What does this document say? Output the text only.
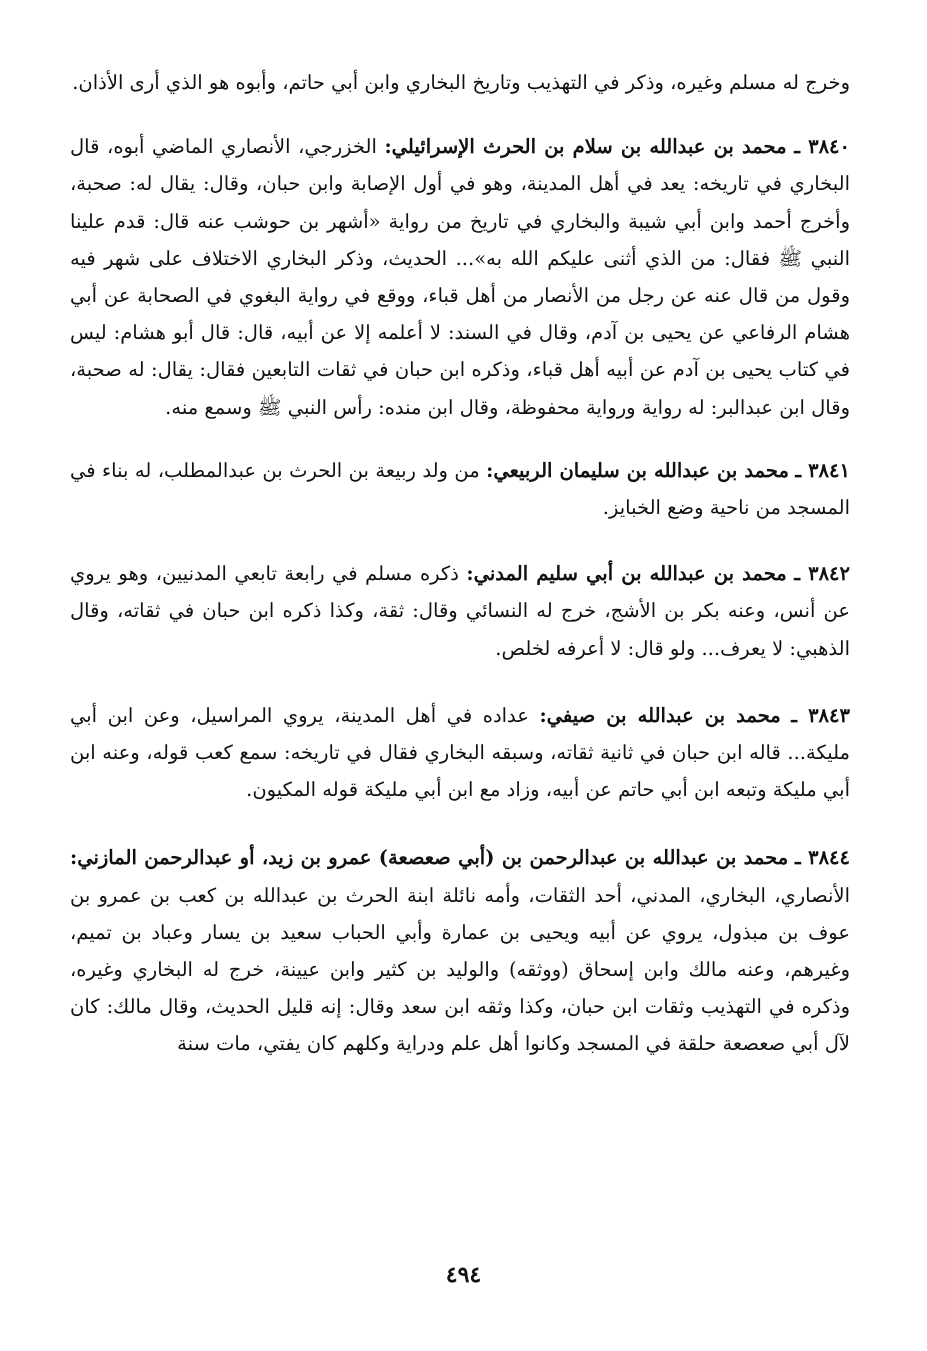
وخرج له مسلم وغيره، وذكر في التهذيب وتاريخ البخاري وابن أبي حاتم، وأبوه هو الذي أرى الأذان.

٣٨٤٠ ـ محمد بن عبدالله بن سلام بن الحرث الإسرائيلي: الخزرجي، الأنصاري الماضي أبوه، قال البخاري في تاريخه: يعد في أهل المدينة، وهو في أول الإصابة وابن حبان، وقال: يقال له: صحبة، وأخرج أحمد وابن أبي شيبة والبخاري في تاريخ من رواية «أشهر بن حوشب عنه قال: قدم علينا النبي ﷺ فقال: من الذي أثنى عليكم الله به»... الحديث، وذكر البخاري الاختلاف على شهر فيه وقول من قال عنه عن رجل من الأنصار من أهل قباء، ووقع في رواية البغوي في الصحابة عن أبي هشام الرفاعي عن يحيى بن آدم، وقال في السند: لا أعلمه إلا عن أبيه، قال: قال أبو هشام: ليس في كتاب يحيى بن آدم عن أبيه أهل قباء، وذكره ابن حبان في ثقات التابعين فقال: يقال: له صحبة، وقال ابن عبدالبر: له رواية ورواية محفوظة، وقال ابن منده: رأس النبي ﷺ وسمع منه.

٣٨٤١ ـ محمد بن عبدالله بن سليمان الربيعي: من ولد ربيعة بن الحرث بن عبدالمطلب، له بناء في المسجد من ناحية وضع الخبايز.

٣٨٤٢ ـ محمد بن عبدالله بن أبي سليم المدني: ذكره مسلم في رابعة تابعي المدنيين، وهو يروي عن أنس، وعنه بكر بن الأشج، خرج له النسائي وقال: ثقة، وكذا ذكره ابن حبان في ثقاته، وقال الذهبي: لا يعرف... ولو قال: لا أعرفه لخلص.

٣٨٤٣ ـ محمد بن عبدالله بن صيفي: عداده في أهل المدينة، يروي المراسيل، وعن ابن أبي مليكة... قاله ابن حبان في ثانية ثقاته، وسبقه البخاري فقال في تاريخه: سمع كعب قوله، وعنه ابن أبي مليكة وتبعه ابن أبي حاتم عن أبيه، وزاد مع ابن أبي مليكة قوله المكيون.

٣٨٤٤ ـ محمد بن عبدالله بن عبدالرحمن بن (أبي صعصعة) عمرو بن زيد، أو عبدالرحمن المازني: الأنصاري، البخاري، المدني، أحد الثقات، وأمه نائلة ابنة الحرث بن عبدالله بن كعب بن عمرو بن عوف بن مبذول، يروي عن أبيه ويحيى بن عمارة وأبي الحباب سعيد بن يسار وعباد بن تميم، وغيرهم، وعنه مالك وابن إسحاق (ووثقه) والوليد بن كثير وابن عيينة، خرج له البخاري وغيره، وذكره في التهذيب وثقات ابن حبان، وكذا وثقه ابن سعد وقال: إنه قليل الحديث، وقال مالك: كان لآل أبي صعصعة حلقة في المسجد وكانوا أهل علم ودراية وكلهم كان يفتي، مات سنة

٤٩٤
